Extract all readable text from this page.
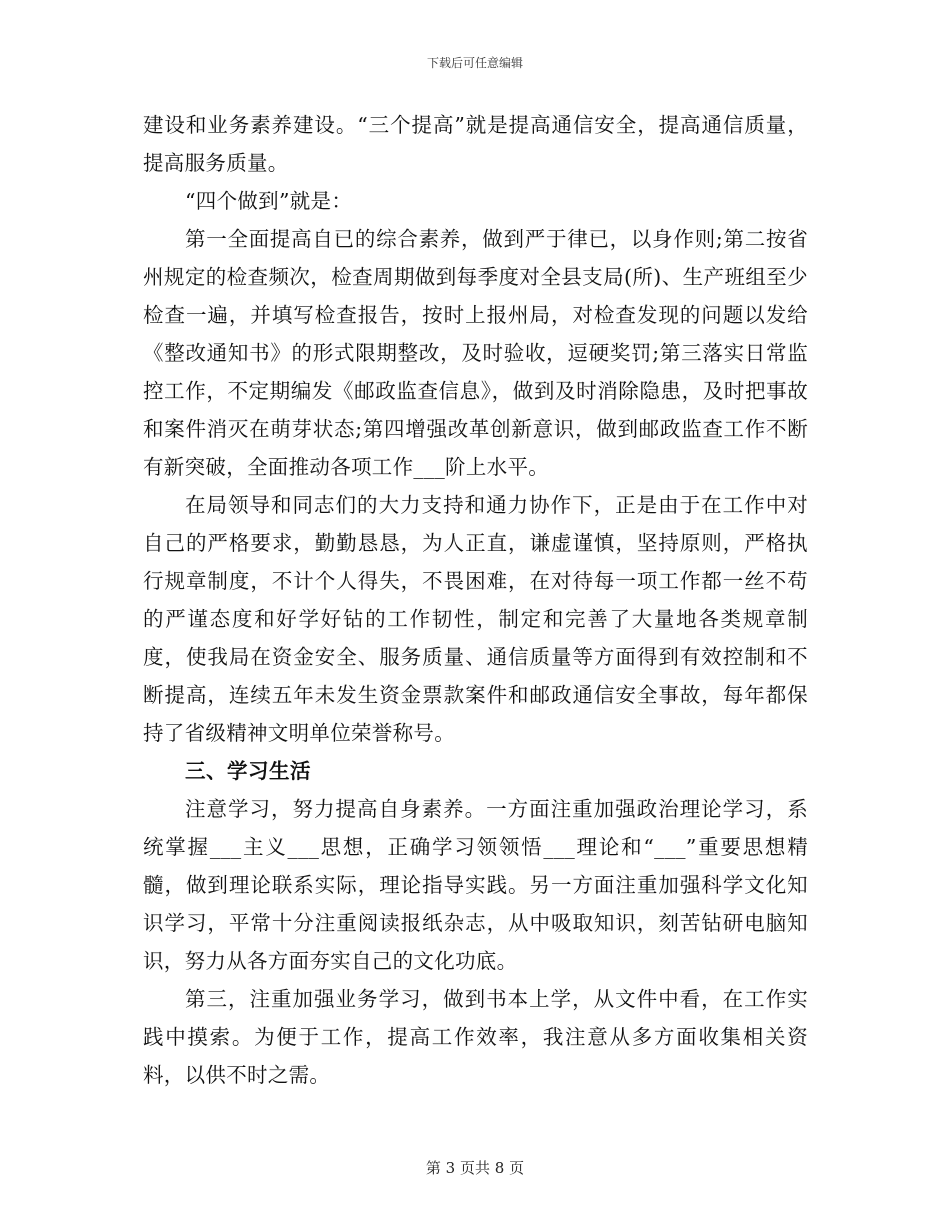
下载后可任意编辑

建设和业务素养建设。“三个提高”就是提高通信安全，提高通信质量，提高服务质量。

“四个做到”就是：

第一全面提高自已的综合素养，做到严于律已，以身作则;第二按省州规定的检查频次，检查周期做到每季度对全县支局(所)、生产班组至少检查一遍，并填写检查报告，按时上报州局，对检查发现的问题以发给《整改通知书》的形式限期整改，及时验收，逗硬奖罚;第三落实日常监控工作，不定期编发《邮政监查信息》，做到及时消除隐患，及时把事故和案件消灭在萌芽状态;第四增强改革创新意识，做到邮政监查工作不断有新突破，全面推动各项工作___阶上水平。

在局领导和同志们的大力支持和通力协作下，正是由于在工作中对自己的严格要求，勤勤恳恳，为人正直，谦虚谨慎，坚持原则，严格执行规章制度，不计个人得失，不畏困难，在对待每一项工作都一丝不苟的严谨态度和好学好钻的工作韧性，制定和完善了大量地各类规章制度，使我局在资金安全、服务质量、通信质量等方面得到有效控制和不断提高，连续五年未发生资金票款案件和邮政通信安全事故，每年都保持了省级精神文明单位荣誉称号。

三、学习生活

注意学习，努力提高自身素养。一方面注重加强政治理论学习，系统掌握___主义___思想，正确学习领领悟___理论和“___”重要思想精髓，做到理论联系实际，理论指导实践。另一方面注重加强科学文化知识学习，平常十分注重阅读报纸杂志，从中吸取知识，刻苦钻研电脑知识，努力从各方面夯实自己的文化功底。

第三，注重加强业务学习，做到书本上学，从文件中看，在工作实践中摸索。为便于工作，提高工作效率，我注意从多方面收集相关资料，以供不时之需。

第 3 页共 8 页
